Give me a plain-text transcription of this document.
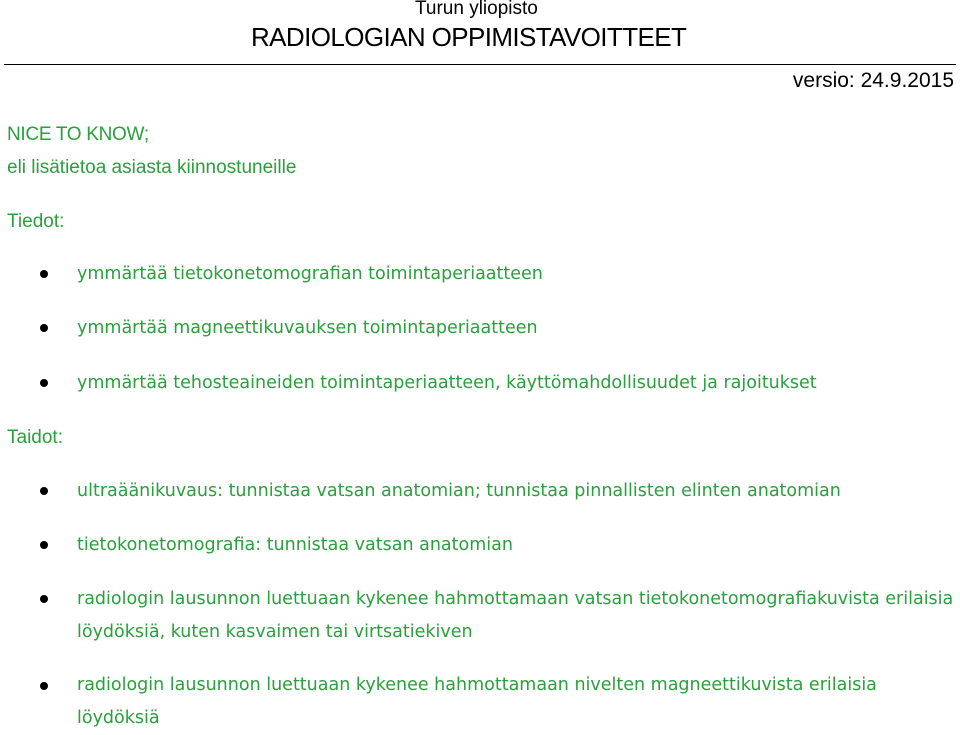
Turun yliopisto
RADIOLOGIAN OPPIMISTAVOITTEET
versio: 24.9.2015
NICE TO KNOW;
eli lisätietoa asiasta kiinnostuneille
Tiedot:
ymmärtää tietokonetomografian toimintaperiaatteen
ymmärtää magneettikuvauksen toimintaperiaatteen
ymmärtää tehosteaineiden toimintaperiaatteen, käyttömahdollisuudet ja rajoitukset
Taidot:
ultraäänikuvaus: tunnistaa vatsan anatomian; tunnistaa pinnallisten elinten anatomian
tietokonetomografia: tunnistaa vatsan anatomian
radiologin lausunnon luettuaan kykenee hahmottamaan vatsan tietokonetomografiakuvista erilaisia löydöksiä, kuten kasvaimen tai virtsatiekiven
radiologin lausunnon luettuaan kykenee hahmottamaan nivelten magneettikuvista erilaisia löydöksiä
